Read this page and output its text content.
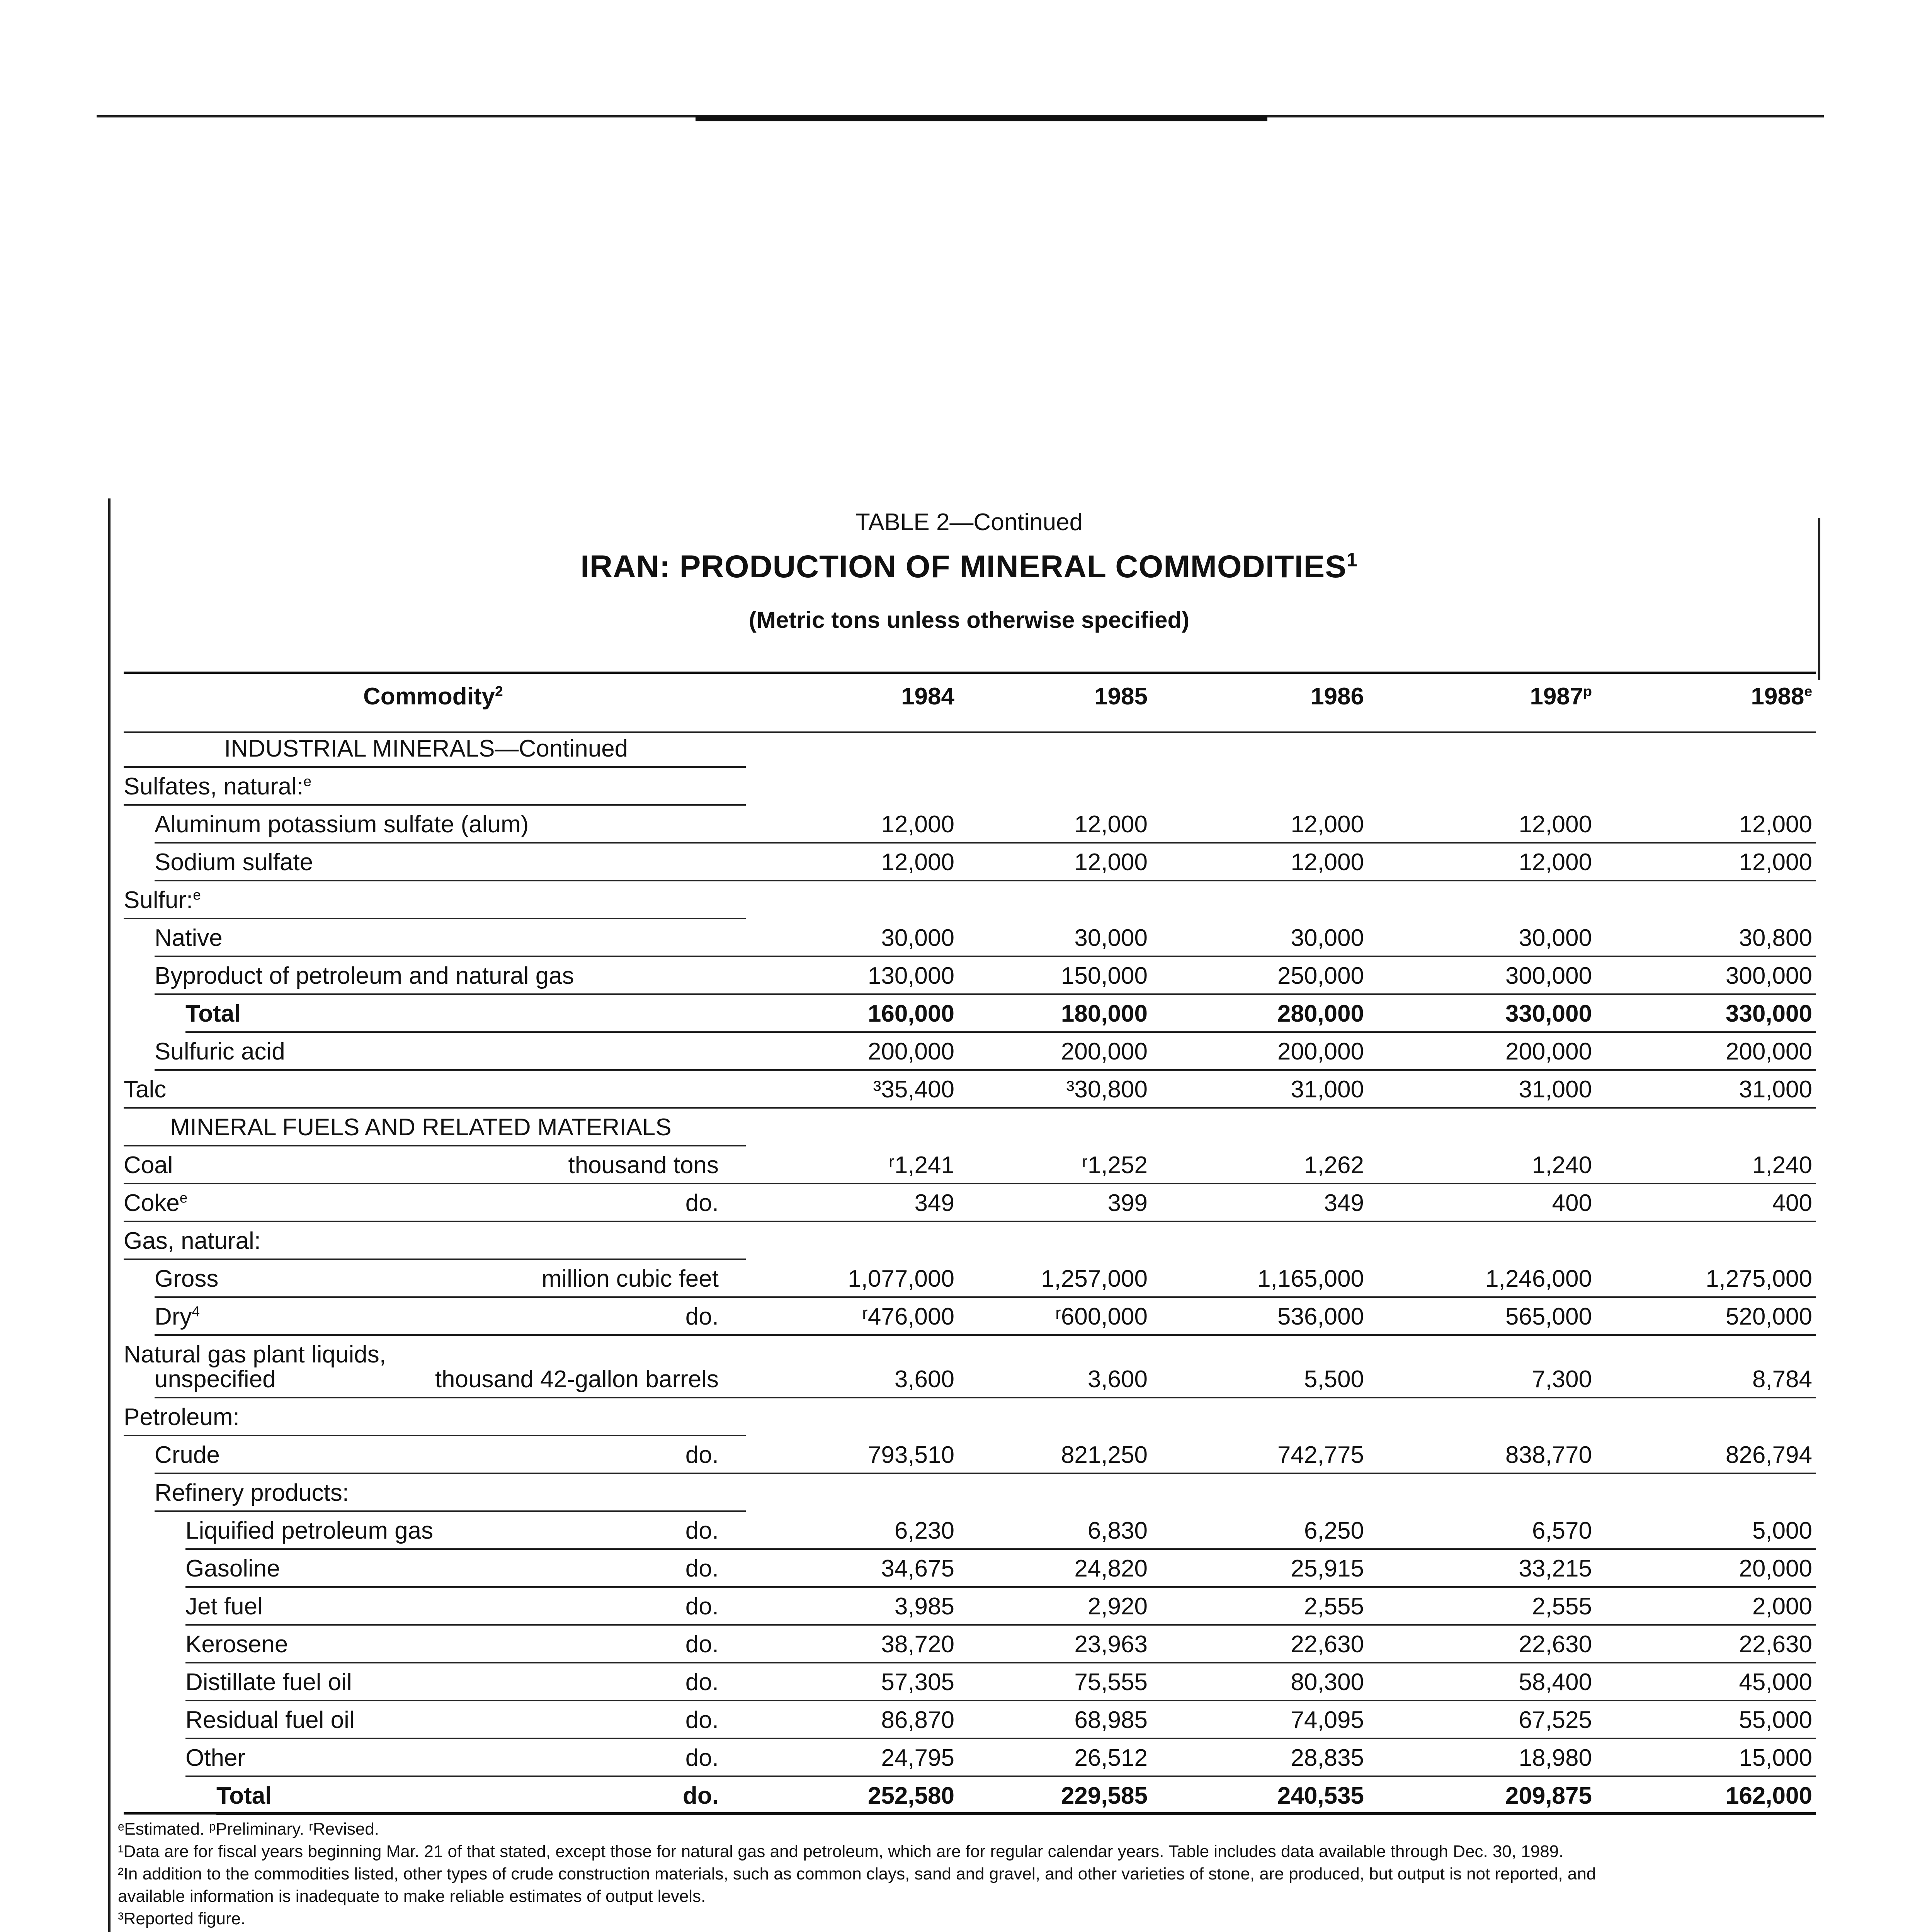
TABLE 2—Continued
IRAN: PRODUCTION OF MINERAL COMMODITIES$^1$
(Metric tons unless otherwise specified)
Commodity$^2$	1984	1985	1986	1987$^p$	1988e
INDUSTRIAL MINERALS—Continued
Sulfates, natural:$^e$
Aluminum potassium sulfate (alum)	12,000	12,000	12,000	12,000	12,000
Sodium sulfate	12,000	12,000	12,000	12,000	12,000
Sulfur:$^e$
Native	30,000	30,000	30,000	30,000	30,800
Byproduct of petroleum and natural gas	130,000	150,000	250,000	300,000	300,000
Total	160,000	180,000	280,000	330,000	330,000
Sulfuric acid	200,000	200,000	200,000	200,000	200,000
Talc	³35,400	³30,800	31,000	31,000	31,000
MINERAL FUELS AND RELATED MATERIALS
Coal	thousand tons	ʳ1,241	ʳ1,252	1,262	1,240	1,240
Coke$^e$	do.	349	399	349	400	400
Gas, natural:
Gross	million cubic feet	1,077,000	1,257,000	1,165,000	1,246,000	1,275,000
Dry$^4$	do.	ʳ476,000	ʳ600,000	536,000	565,000	520,000
Natural gas plant liquids,
unspecified	thousand 42-gallon barrels	3,600	3,600	5,500	7,300	8,784
Petroleum:
Crude	do.	793,510	821,250	742,775	838,770	826,794
Refinery products:
Liquified petroleum gas	do.	6,230	6,830	6,250	6,570	5,000
Gasoline	do.	34,675	24,820	25,915	33,215	20,000
Jet fuel	do.	3,985	2,920	2,555	2,555	2,000
Kerosene	do.	38,720	23,963	22,630	22,630	22,630
Distillate fuel oil	do.	57,305	75,555	80,300	58,400	45,000
Residual fuel oil	do.	86,870	68,985	74,095	67,525	55,000
Other	do.	24,795	26,512	28,835	18,980	15,000
Total	do.	252,580	229,585	240,535	209,875	162,000
ᵉEstimated. ᵖPreliminary. ʳRevised.
¹Data are for fiscal years beginning Mar. 21 of that stated, except those for natural gas and petroleum, which are for regular calendar years. Table includes data available through Dec. 30, 1989.
²In addition to the commodities listed, other types of crude construction materials, such as common clays, sand and gravel, and other varieties of stone, are produced, but output is not reported, and
available information is inadequate to make reliable estimates of output levels.
³Reported figure.
